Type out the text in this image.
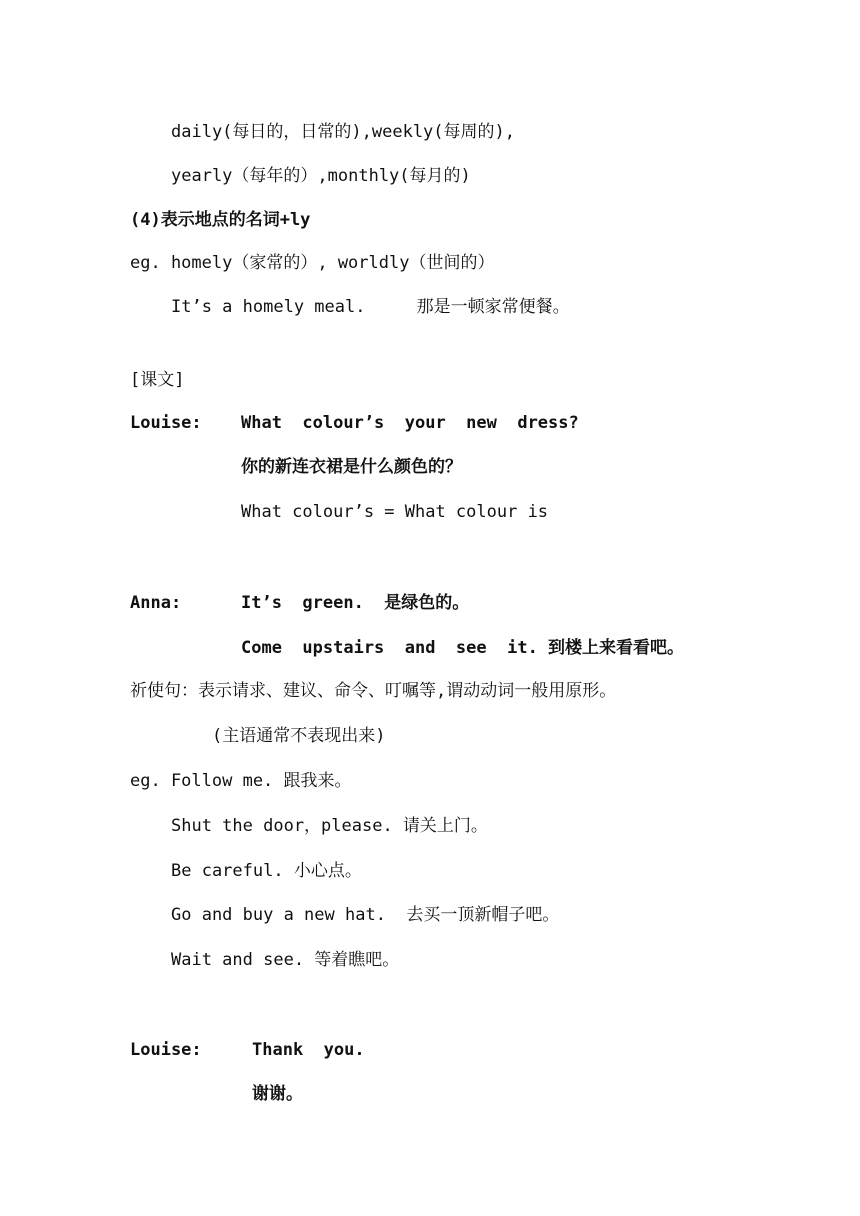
daily(每日的，日常的),weekly(每周的),
yearly（每年的）,monthly(每月的)
(4)表示地点的名词+ly
eg. homely（家常的）, worldly（世间的）
It’s a homely meal.     那是一顿家常便餐。
[课文]
Louise: What  colour’s  your  new  dress?
你的新连衣裙是什么颜色的？
What colour’s = What colour is
Anna:	It’s  green.  是绿色的。
Come  upstairs  and  see  it. 到楼上来看看吧。
祈使句：表示请求、建议、命令、叮嘱等,谓动动词一般用原形。
(主语通常不表现出来)
eg. Follow me. 跟我来。
Shut the door，please. 请关上门。
Be careful. 小心点。
Go and buy a new hat.  去买一顶新帽子吧。
Wait and see. 等着瞧吧。
Louise:	Thank  you.
谢谢。
